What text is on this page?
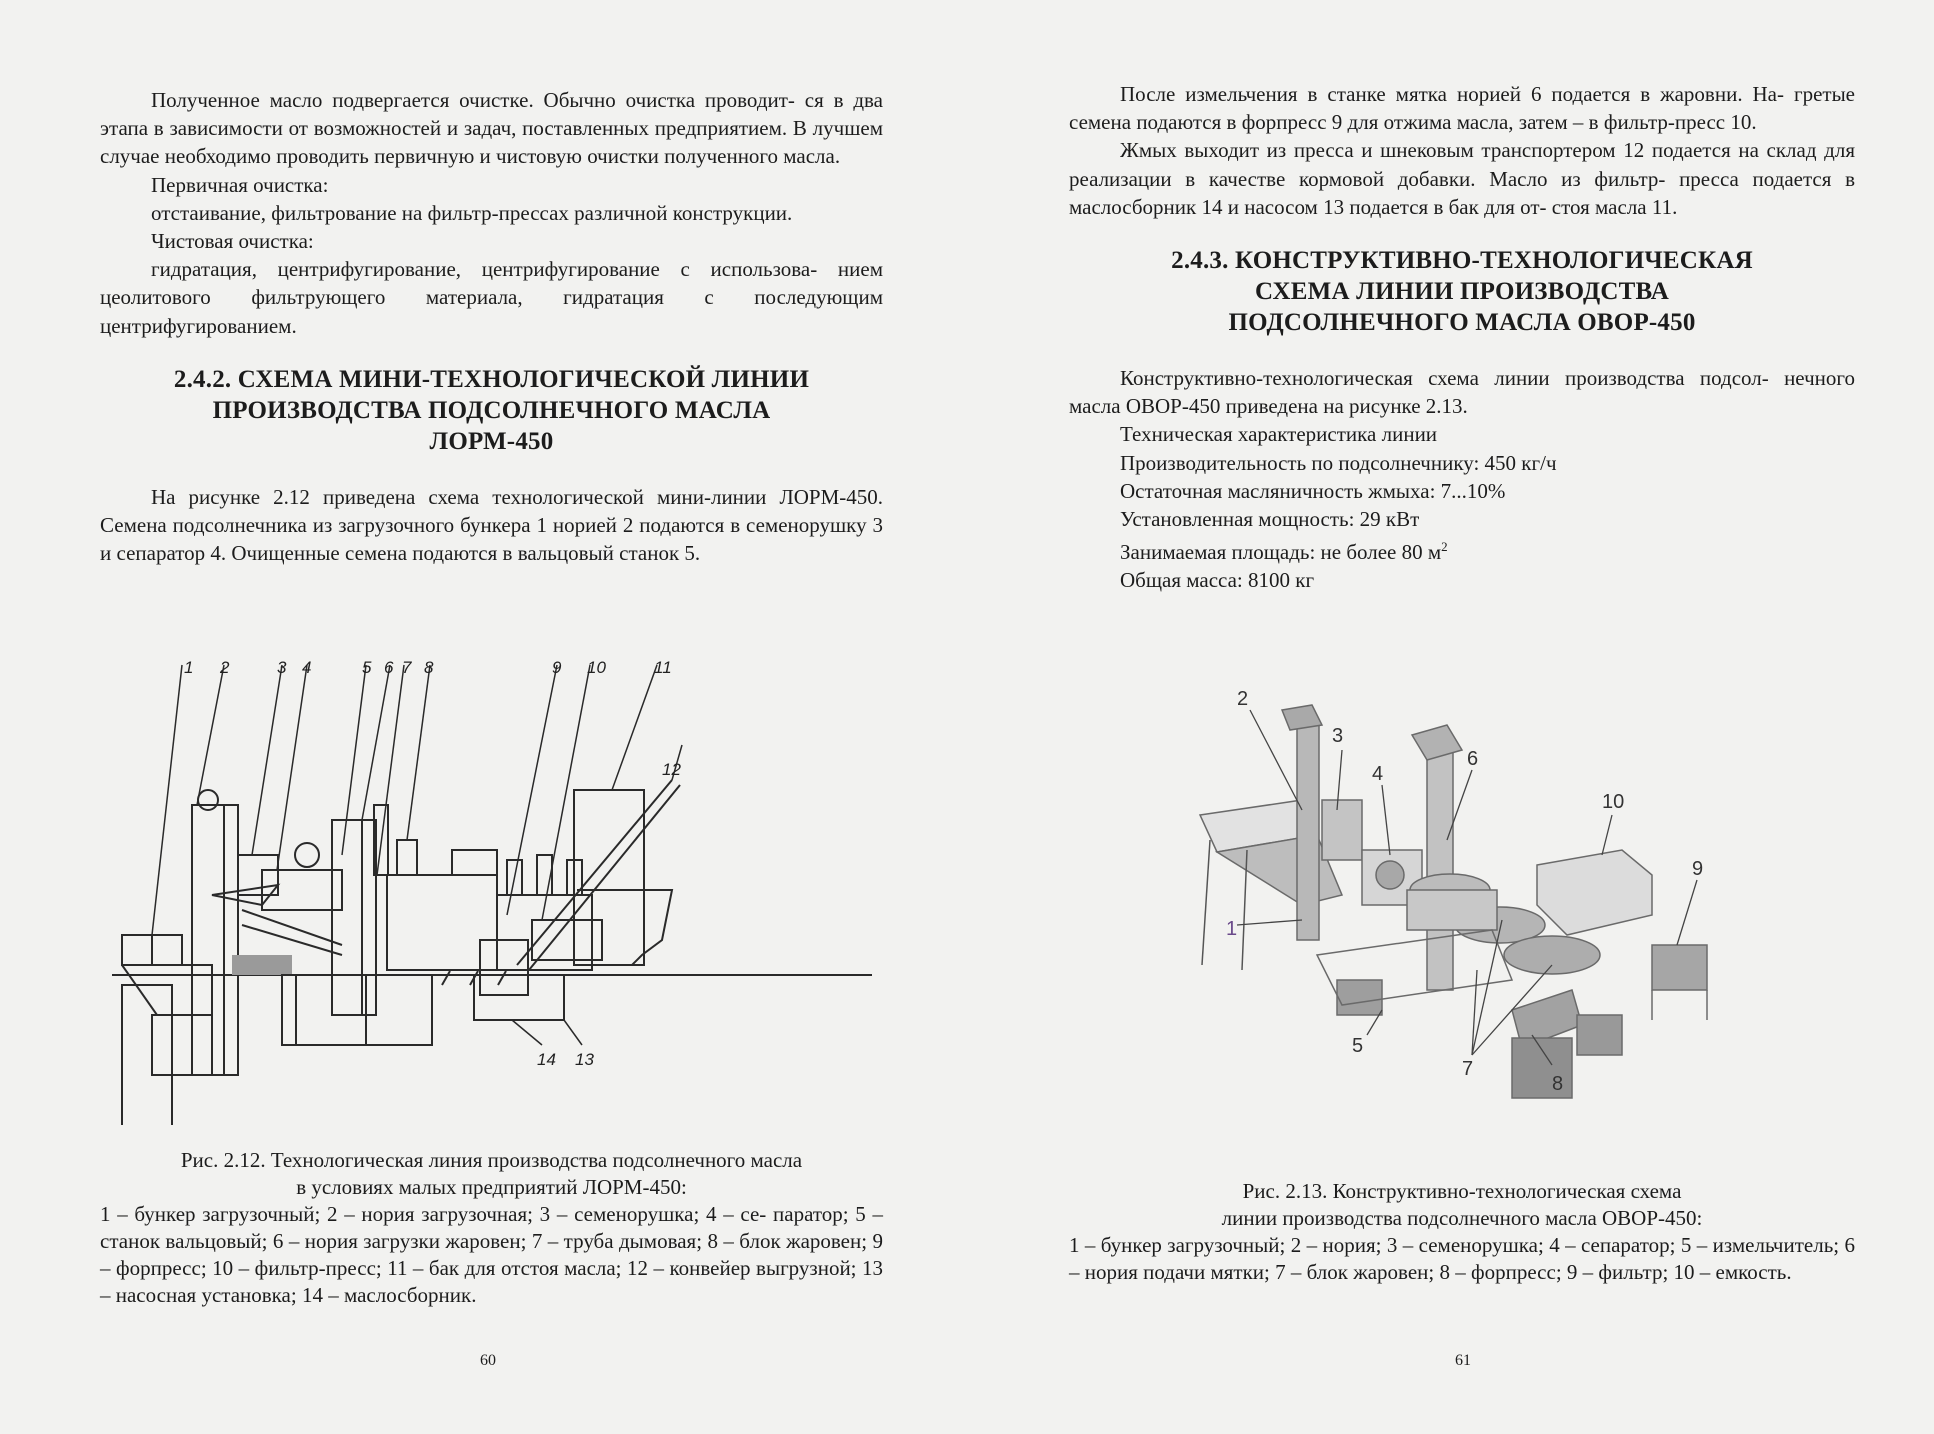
Полученное масло подвергается очистке. Обычно очистка проводит- ся в два этапа в зависимости от возможностей и задач, поставленных предприятием. В лучшем случае необходимо проводить первичную и чистовую очистки полученного масла.

Первичная очистка:

отстаивание, фильтрование на фильтр-прессах различной конструкции.

Чистовая очистка:

гидратация, центрифугирование, центрифугирование с использова- нием цеолитового фильтрующего материала, гидратация с последующим центрифугированием.

2.4.2. СХЕМА МИНИ-ТЕХНОЛОГИЧЕСКОЙ ЛИНИИ
ПРОИЗВОДСТВА ПОДСОЛНЕЧНОГО МАСЛА
ЛОРМ-450

На рисунке 2.12 приведена схема технологической мини-линии ЛОРМ-450. Семена подсолнечника из загрузочного бункера 1 норией 2 подаются в семенорушку 3 и сепаратор 4. Очищенные семена подаются в вальцовый станок 5.

1 2	3 4	5 6 7 8	9 10	11
12
14 13
Рис. 2.12. Технологическая линия производства подсолнечного масла
в условиях малых предприятий ЛОРМ-450:
1 – бункер загрузочный; 2 – нория загрузочная; 3 – семенорушка; 4 – се- паратор; 5 – станок вальцовый; 6 – нория загрузки жаровен; 7 – труба дымовая; 8 – блок жаровен; 9 – форпресс; 10 – фильтр-пресс; 11 – бак для отстоя масла; 12 – конвейер выгрузной; 13 – насосная установка; 14 – маслосборник.
60

После измельчения в станке мятка норией 6 подается в жаровни. На- гретые семена подаются в форпресс 9 для отжима масла, затем – в фильтр-пресс 10.

Жмых выходит из пресса и шнековым транспортером 12 подается на склад для реализации в качестве кормовой добавки. Масло из фильтр- пресса подается в маслосборник 14 и насосом 13 подается в бак для от- стоя масла 11.

2.4.3. КОНСТРУКТИВНО-ТЕХНОЛОГИЧЕСКАЯ
СХЕМА ЛИНИИ ПРОИЗВОДСТВА
ПОДСОЛНЕЧНОГО МАСЛА ОВОР-450

Конструктивно-технологическая схема линии производства подсол- нечного масла ОВОР-450 приведена на рисунке 2.13.

Техническая характеристика линии

Производительность по подсолнечнику: 450 кг/ч

Остаточная масляничность жмыха: 7...10%

Установленная мощность: 29 кВт

Занимаемая площадь: не более 80 $м^2$

Общая масса: 8100 кг

2
3
6
4
10
1
9
5
7
8
Рис. 2.13. Конструктивно-технологическая схема
линии производства подсолнечного масла ОВОР-450:
1 – бункер загрузочный; 2 – нория; 3 – семенорушка; 4 – сепаратор; 5 – измельчитель; 6 – нория подачи мятки; 7 – блок жаровен; 8 – форпресс; 9 – фильтр; 10 – емкость.
61
